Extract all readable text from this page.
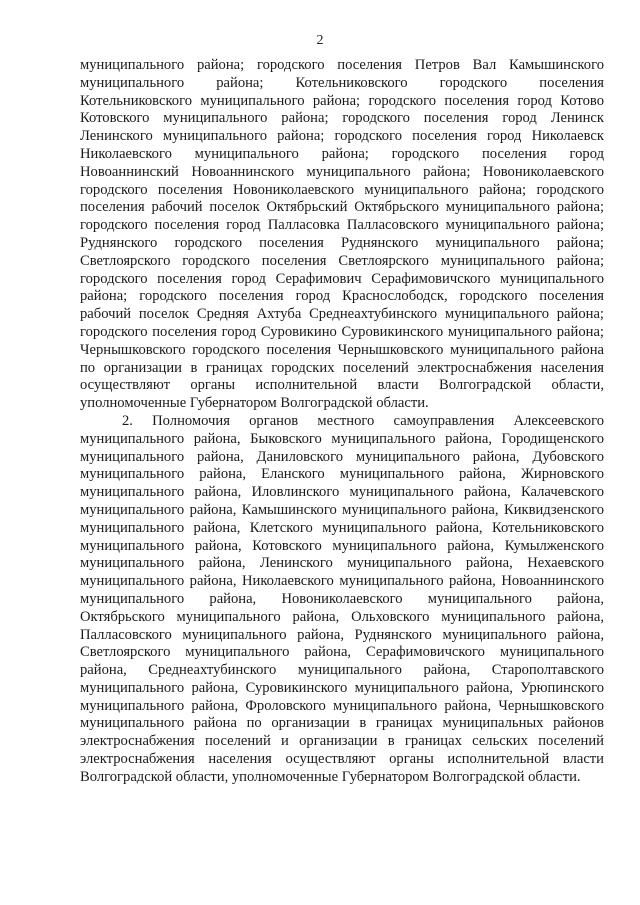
2

муниципального района; городского поселения Петров Вал Камышинского муниципального района; Котельниковского городского поселения Котельниковского муниципального района; городского поселения город Котово Котовского муниципального района; городского поселения город Ленинск Ленинского муниципального района; городского поселения город Николаевск Николаевского муниципального района; городского поселения город Новоаннинский Новоаннинского муниципального района; Новониколаевского городского поселения Новониколаевского муниципального района; городского поселения рабочий поселок Октябрьский Октябрьского муниципального района; городского поселения город Палласовка Палласовского муниципального района; Руднянского городского поселения Руднянского муниципального района; Светлоярского городского поселения Светлоярского муниципального района; городского поселения город Серафимович Серафимовичского муниципального района; городского поселения город Краснослободск, городского поселения рабочий поселок Средняя Ахтуба Среднеахтубинского муниципального района; городского поселения город Суровикино Суровикинского муниципального района; Чернышковского городского поселения Чернышковского муниципального района по организации в границах городских поселений электроснабжения населения осуществляют органы исполнительной власти Волгоградской области, уполномоченные Губернатором Волгоградской области.

2. Полномочия органов местного самоуправления Алексеевского муниципального района, Быковского муниципального района, Городищенского муниципального района, Даниловского муниципального района, Дубовского муниципального района, Еланского муниципального района, Жирновского муниципального района, Иловлинского муниципального района, Калачевского муниципального района, Камышинского муниципального района, Киквидзенского муниципального района, Клетского муниципального района, Котельниковского муниципального района, Котовского муниципального района, Кумылженского муниципального района, Ленинского муниципального района, Нехаевского муниципального района, Николаевского муниципального района, Новоаннинского муниципального района, Новониколаевского муниципального района, Октябрьского муниципального района, Ольховского муниципального района, Палласовского муниципального района, Руднянского муниципального района, Светлоярского муниципального района, Серафимовичского муниципального района, Среднеахтубинского муниципального района, Старополтавского муниципального района, Суровикинского муниципального района, Урюпинского муниципального района, Фроловского муниципального района, Чернышковского муниципального района по организации в границах муниципальных районов электроснабжения поселений и организации в границах сельских поселений электроснабжения населения осуществляют органы исполнительной власти Волгоградской области, уполномоченные Губернатором Волгоградской области.
